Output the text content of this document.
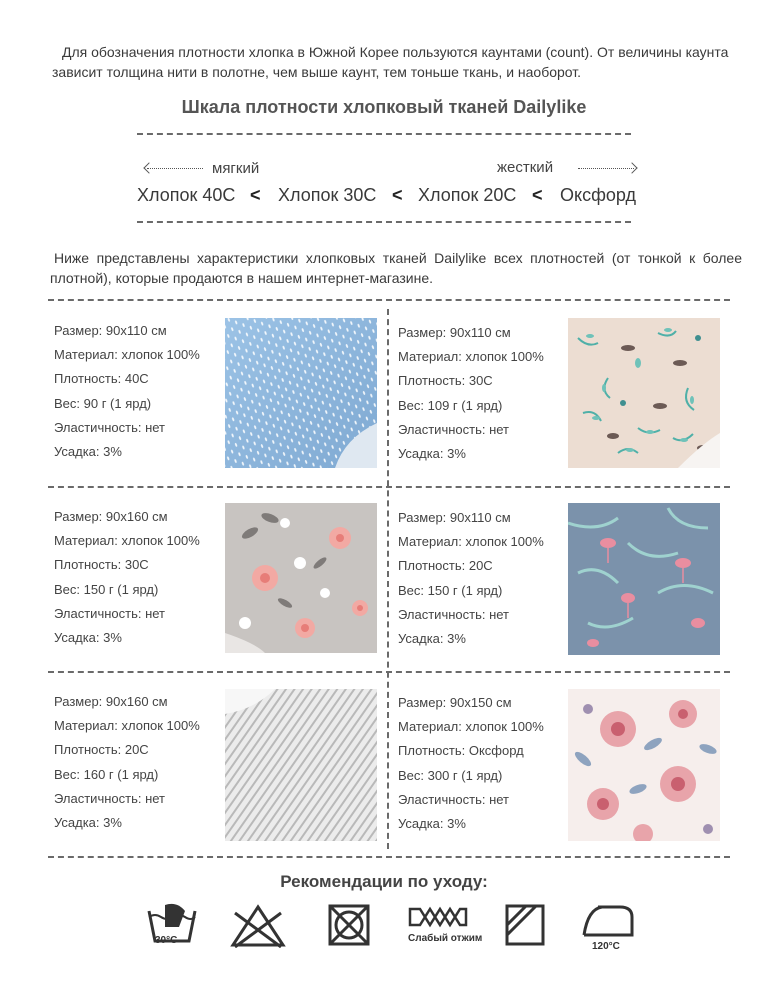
Для обозначения плотности хлопка в Южной Корее пользуются каунтами (count). От величины каунта зависит толщина нити в полотне, чем выше каунт, тем тоньше ткань, и наоборот.
Шкала плотности хлопковый тканей Dailylike
мягкий	жесткий
Хлопок 40С < Хлопок 30С < Хлопок 20С < Оксфорд
Ниже представлены характеристики хлопковых тканей Dailylike всех плотностей (от тонкой к более плотной), которые продаются в нашем интернет-магазине.
Размер: 90x110 см
Материал: хлопок 100%
Плотность: 40С
Вес: 90 г (1 ярд)
Эластичность: нет
Усадка: 3%
Размер: 90x110 см
Материал: хлопок 100%
Плотность: 30С
Вес: 109 г (1 ярд)
Эластичность: нет
Усадка: 3%
Размер: 90x160 см
Материал: хлопок 100%
Плотность: 30С
Вес: 150 г (1 ярд)
Эластичность: нет
Усадка: 3%
Размер: 90x110 см
Материал: хлопок 100%
Плотность: 20С
Вес: 150 г (1 ярд)
Эластичность: нет
Усадка: 3%
Размер: 90x160 см
Материал: хлопок 100%
Плотность: 20С
Вес: 160 г (1 ярд)
Эластичность: нет
Усадка: 3%
Размер: 90x150 см
Материал: хлопок 100%
Плотность: Оксфорд
Вес: 300 г (1 ярд)
Эластичность: нет
Усадка: 3%
Рекомендации по уходу:
30°C	Слабый отжим
120°C
